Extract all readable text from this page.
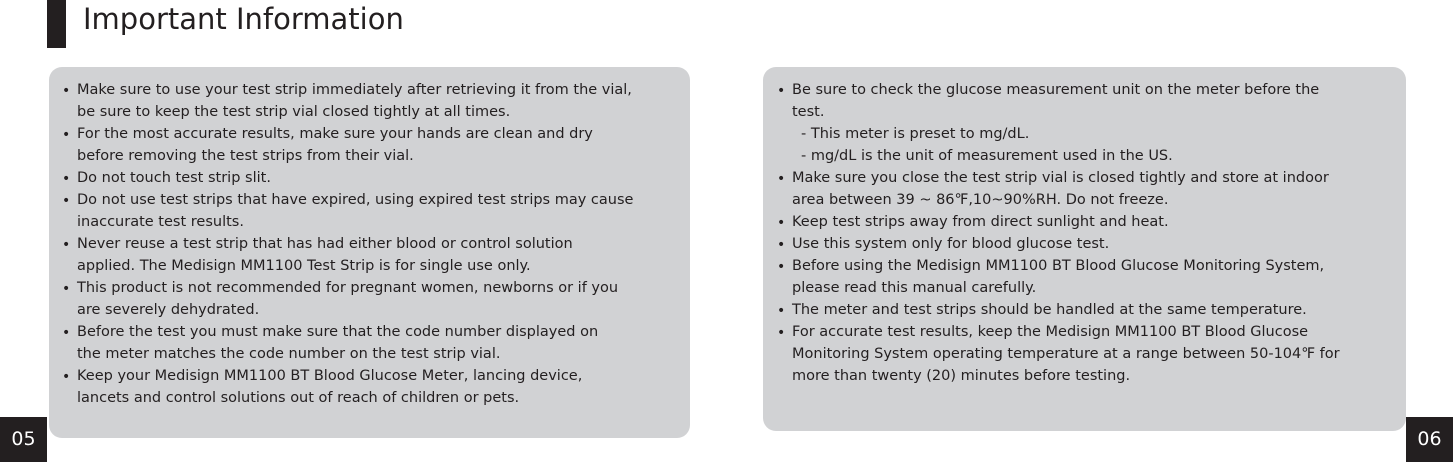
Important Information
• Make sure to use your test strip immediately after retrieving it from the vial,
be sure to keep the test strip vial closed tightly at all times.
• For the most accurate results, make sure your hands are clean and dry
before removing the test strips from their vial.
• Do not touch test strip slit.
• Do not use test strips that have expired, using expired test strips may cause
inaccurate test results.
• Never reuse a test strip that has had either blood or control solution
applied. The Medisign MM1100 Test Strip is for single use only.
• This product is not recommended for pregnant women, newborns or if you
are severely dehydrated.
• Before the test you must make sure that the code number displayed on
the meter matches the code number on the test strip vial.
• Keep your Medisign MM1100 BT Blood Glucose Meter, lancing device,
lancets and control solutions out of reach of children or pets.
• Be sure to check the glucose measurement unit on the meter before the
test.
- This meter is preset to mg/dL.
- mg/dL is the unit of measurement used in the US.
• Make sure you close the test strip vial is closed tightly and store at indoor
area between 39 ~ 86℉,10~90%RH. Do not freeze.
• Keep test strips away from direct sunlight and heat.
• Use this system only for blood glucose test.
• Before using the Medisign MM1100 BT Blood Glucose Monitoring System,
please read this manual carefully.
• The meter and test strips should be handled at the same temperature.
• For accurate test results, keep the Medisign MM1100 BT Blood Glucose
Monitoring System operating temperature at a range between 50-104℉ for
more than twenty (20) minutes before testing.
05	06
